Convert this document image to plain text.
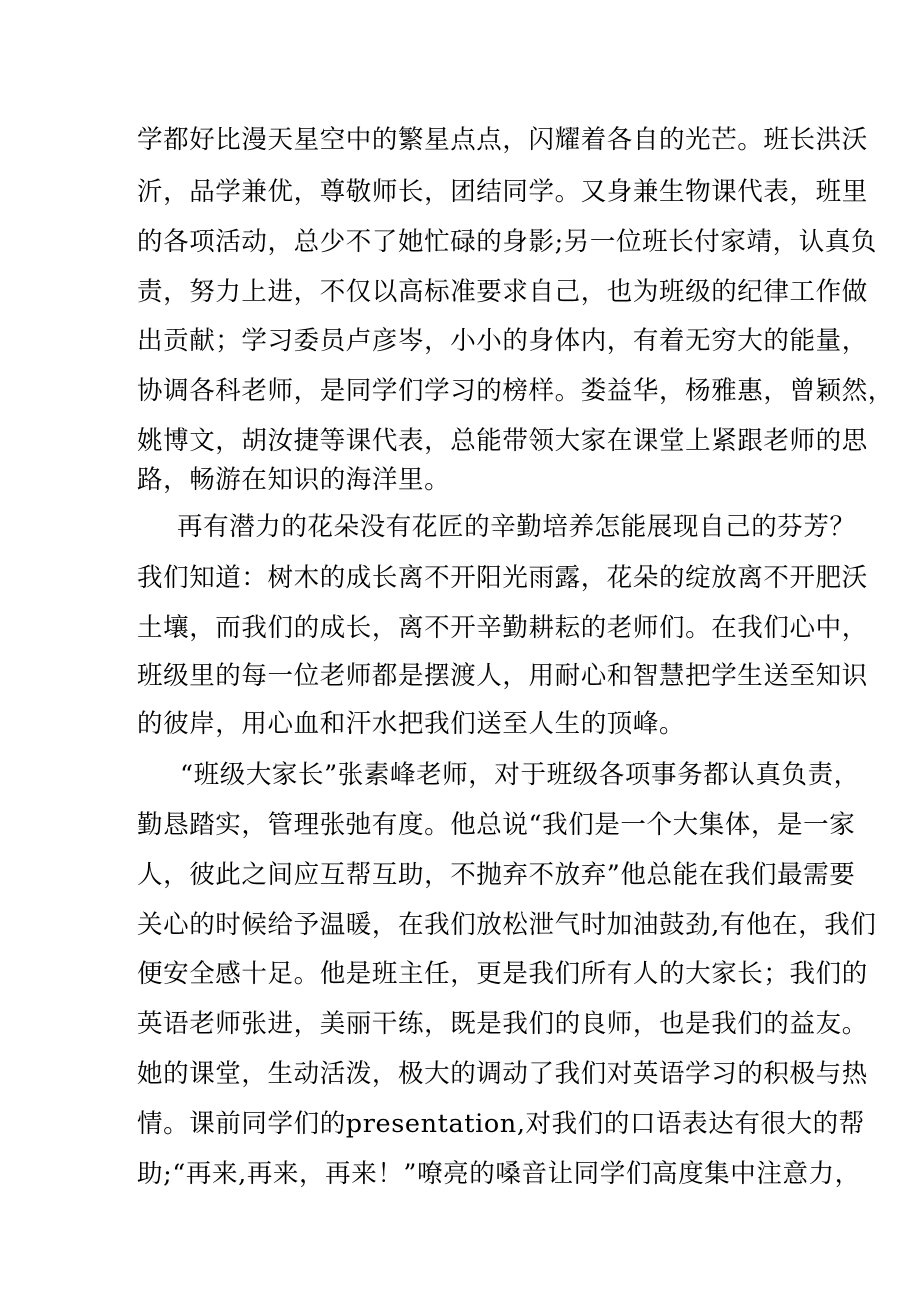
学都好比漫天星空中的繁星点点，闪耀着各自的光芒。班长洪沃

沂，品学兼优，尊敬师长，团结同学。又身兼生物课代表，班里

的各项活动，总少不了她忙碌的身影;另一位班长付家靖，认真负

责，努力上进，不仅以高标准要求自己，也为班级的纪律工作做

出贡献；学习委员卢彦岑，小小的身体内，有着无穷大的能量，

协调各科老师，是同学们学习的榜样。娄益华，杨雅惠，曾颖然，

姚博文，胡汝捷等课代表，总能带领大家在课堂上紧跟老师的思

路，畅游在知识的海洋里。

再有潜力的花朵没有花匠的辛勤培养怎能展现自己的芬芳？

我们知道：树木的成长离不开阳光雨露，花朵的绽放离不开肥沃

土壤，而我们的成长，离不开辛勤耕耘的老师们。在我们心中，

班级里的每一位老师都是摆渡人，用耐心和智慧把学生送至知识

的彼岸，用心血和汗水把我们送至人生的顶峰。

“班级大家长”张素峰老师，对于班级各项事务都认真负责，

勤恳踏实，管理张弛有度。他总说“我们是一个大集体，是一家

人，彼此之间应互帮互助，不抛弃不放弃”他总能在我们最需要

关心的时候给予温暖，在我们放松泄气时加油鼓劲,有他在，我们

便安全感十足。他是班主任，更是我们所有人的大家长；我们的

英语老师张进，美丽干练，既是我们的良师，也是我们的益友。

她的课堂，生动活泼，极大的调动了我们对英语学习的积极与热

情。课前同学们的presentation,对我们的口语表达有很大的帮

助;“再来,再来，再来！”嘹亮的嗓音让同学们高度集中注意力，
